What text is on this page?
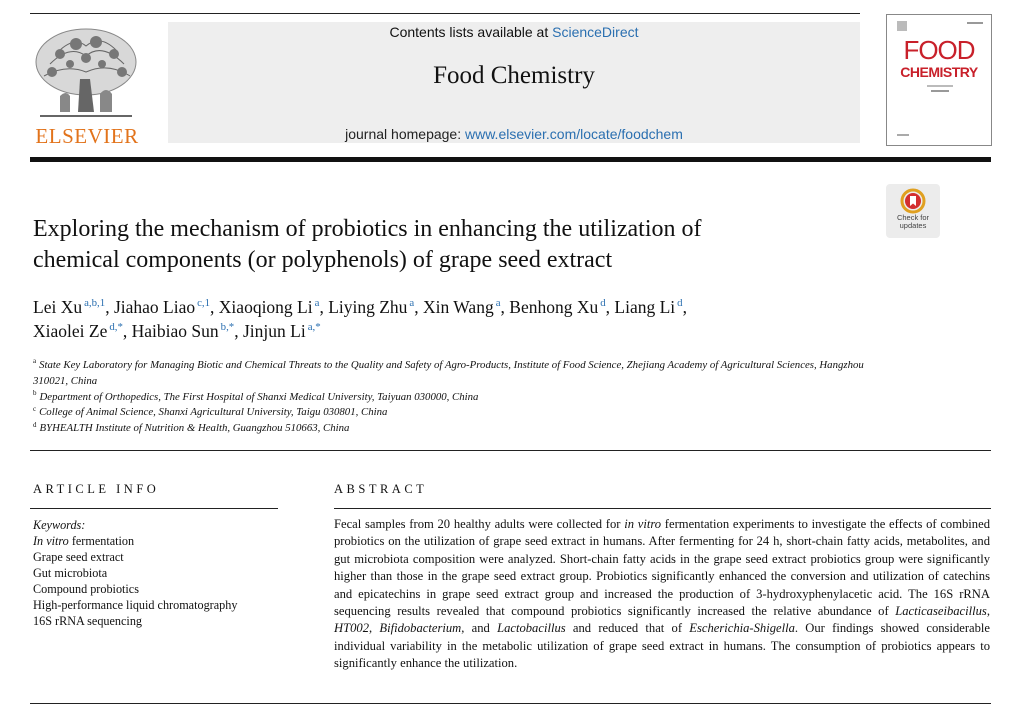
Contents lists available at ScienceDirect
Food Chemistry
journal homepage: www.elsevier.com/locate/foodchem
ELSEVIER
FOOD
CHEMISTRY
Check for
updates
Exploring the mechanism of probiotics in enhancing the utilization of
chemical components (or polyphenols) of grape seed extract
Lei Xu $^{a,b,1}$, Jiahao Liao $^{c,1}$, Xiaoqiong Li $^a$, Liying Zhu $^a$, Xin Wang $^a$, Benhong Xu $^d$, Liang Li $^d$,
Xiaolei Ze $^{d,*}$, Haibiao Sun $^{b,*}$, Jinjun Li $^{a,*}$
$^a$ State Key Laboratory for Managing Biotic and Chemical Threats to the Quality and Safety of Agro-Products, Institute of Food Science, Zhejiang Academy of Agricultural Sciences, Hangzhou 310021, China
$^b$ Department of Orthopedics, The First Hospital of Shanxi Medical University, Taiyuan 030000, China
$^c$ College of Animal Science, Shanxi Agricultural University, Taigu 030801, China
$^d$ BYHEALTH Institute of Nutrition & Health, Guangzhou 510663, China
ARTICLE INFO	ABSTRACT
Keywords:
In vitro fermentation
Grape seed extract
Gut microbiota
Compound probiotics
High-performance liquid chromatography
16S rRNA sequencing
Fecal samples from 20 healthy adults were collected for in vitro fermentation experiments to investigate the effects of combined probiotics on the utilization of grape seed extract in humans. After fermenting for 24 h, short-chain fatty acids, metabolites, and gut microbiota composition were analyzed. Short-chain fatty acids in the grape seed extract probiotics group were significantly higher than those in the grape seed extract group. Probiotics significantly enhanced the conversion and utilization of catechins and epicatechins in grape seed extract group and increased the production of 3-hydroxyphenylacetic acid. The 16S rRNA sequencing results revealed that compound probiotics significantly increased the relative abundance of Lacticaseibacillus, HT002, Bifidobacterium, and Lactobacillus and reduced that of Escherichia-Shigella. Our findings showed considerable individual variability in the metabolic utilization of grape seed extract in humans. The consumption of probiotics appears to significantly enhance the utilization.
